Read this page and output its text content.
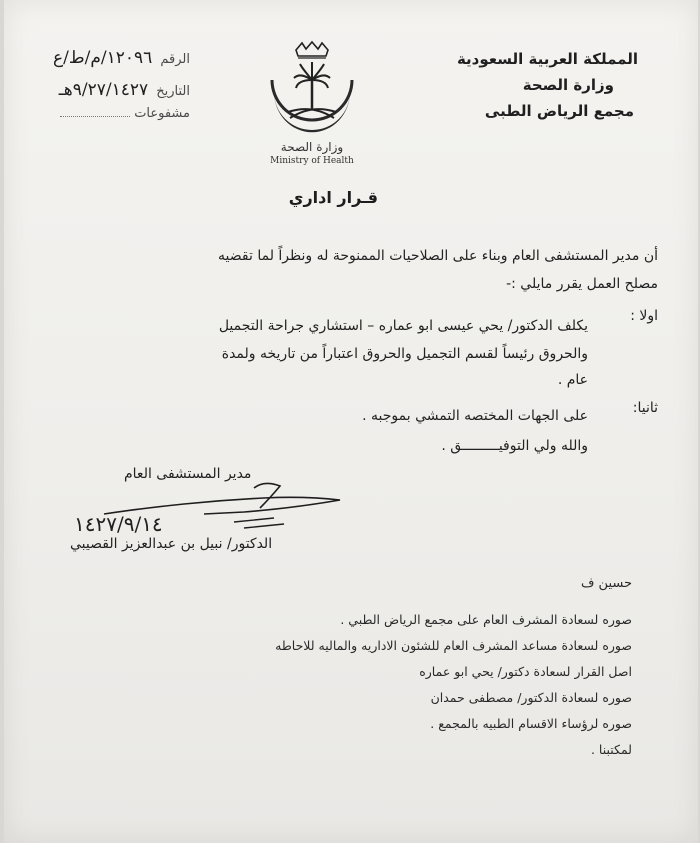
المملكة العربية السعودية
وزارة الصحة
مجمع الرياض الطبى
وزارة الصحة
Ministry of Health
الرقم ١٢٠٩٦/م/ط/ع
التاريخ ٩/٢٧/١٤٢٧هـ
مشفوعات
قـرار اداري
أن مدير المستشفى العام وبناء على الصلاحيات الممنوحة له ونظراً لما تقضيه
مصلح العمل يقرر مايلي :-
اولا :
يكلف الدكتور/ يحي عيسى ابو عماره – استشاري جراحة التجميل
والحروق رئيساً لقسم التجميل والحروق اعتباراً من تاريخه ولمدة
عام .
ثانيا:
على الجهات المختصه التمشي بموجبه .
والله ولي التوفيـــــــــق .
مدير المستشفى العام
١٤٢٧/٩/١٤
الدكتور/ نبيل بن عبدالعزيز القصيبي
حسين ف
صوره لسعادة المشرف العام على مجمع الرياض الطبي .
صوره لسعادة مساعد المشرف العام للشئون الاداريه والماليه للاحاطه
اصل القرار لسعادة دكتور/ يحي ابو عماره
صوره لسعادة الدكتور/ مصطفى حمدان
صوره لرؤساء الاقسام الطبيه بالمجمع .
لمكتبنا .
